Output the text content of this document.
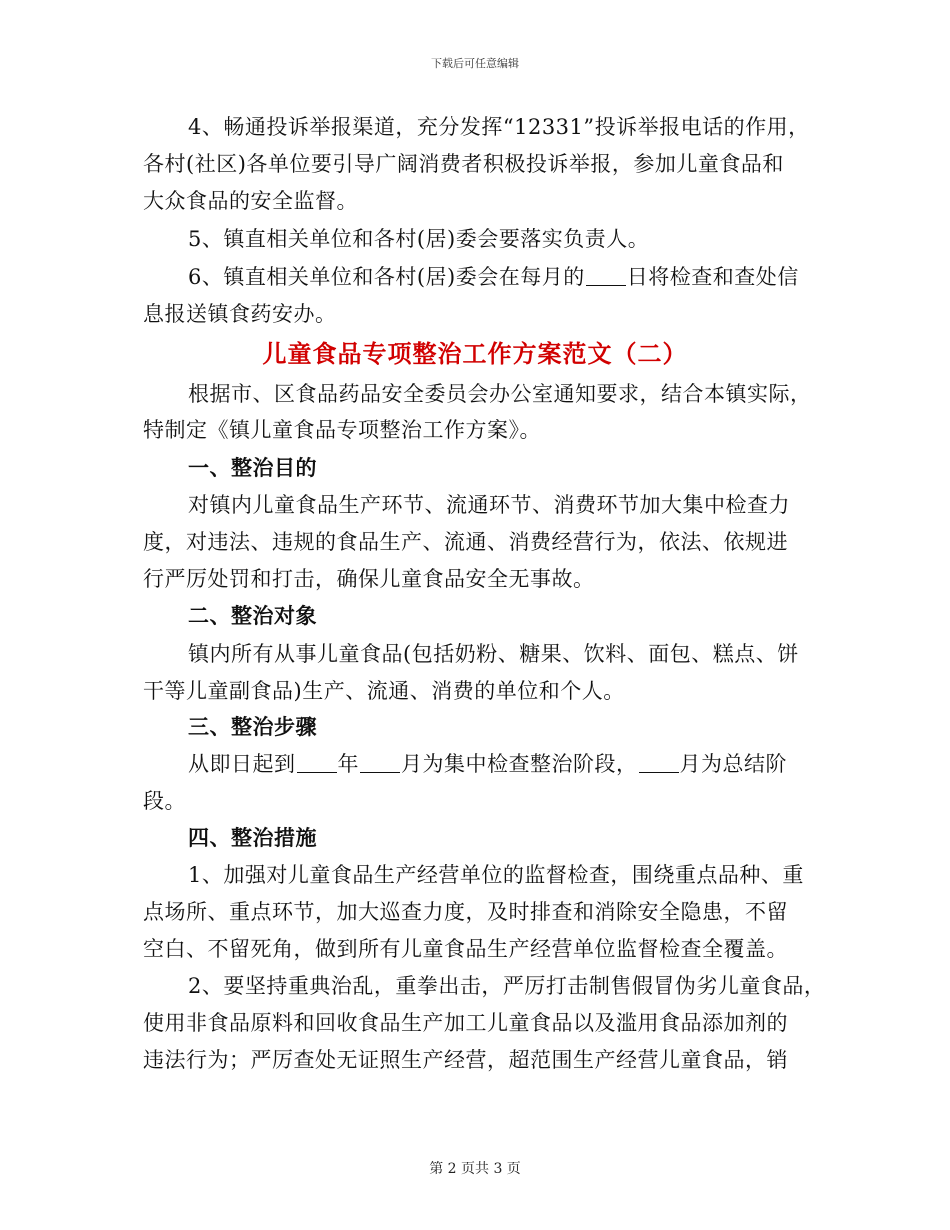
下载后可任意编辑
4、畅通投诉举报渠道，充分发挥“12331”投诉举报电话的作用，
各村(社区)各单位要引导广阔消费者积极投诉举报，参加儿童食品和
大众食品的安全监督。
5、镇直相关单位和各村(居)委会要落实负责人。
6、镇直相关单位和各村(居)委会在每月的 日将检查和查处信
息报送镇食药安办。
儿童食品专项整治工作方案范文（二）
根据市、区食品药品安全委员会办公室通知要求，结合本镇实际，
特制定《镇儿童食品专项整治工作方案》。
一、整治目的
对镇内儿童食品生产环节、流通环节、消费环节加大集中检查力
度，对违法、违规的食品生产、流通、消费经营行为，依法、依规进
行严厉处罚和打击，确保儿童食品安全无事故。
二、整治对象
镇内所有从事儿童食品(包括奶粉、糖果、饮料、面包、糕点、饼
干等儿童副食品)生产、流通、消费的单位和个人。
三、整治步骤
从即日起到 年 月为集中检查整治阶段， 月为总结阶
段。
四、整治措施
1、加强对儿童食品生产经营单位的监督检查，围绕重点品种、重
点场所、重点环节，加大巡查力度，及时排查和消除安全隐患，不留
空白、不留死角，做到所有儿童食品生产经营单位监督检查全覆盖。
2、要坚持重典治乱，重拳出击，严厉打击制售假冒伪劣儿童食品，
使用非食品原料和回收食品生产加工儿童食品以及滥用食品添加剂的
违法行为；严厉查处无证照生产经营，超范围生产经营儿童食品，销
第 2 页共 3 页
